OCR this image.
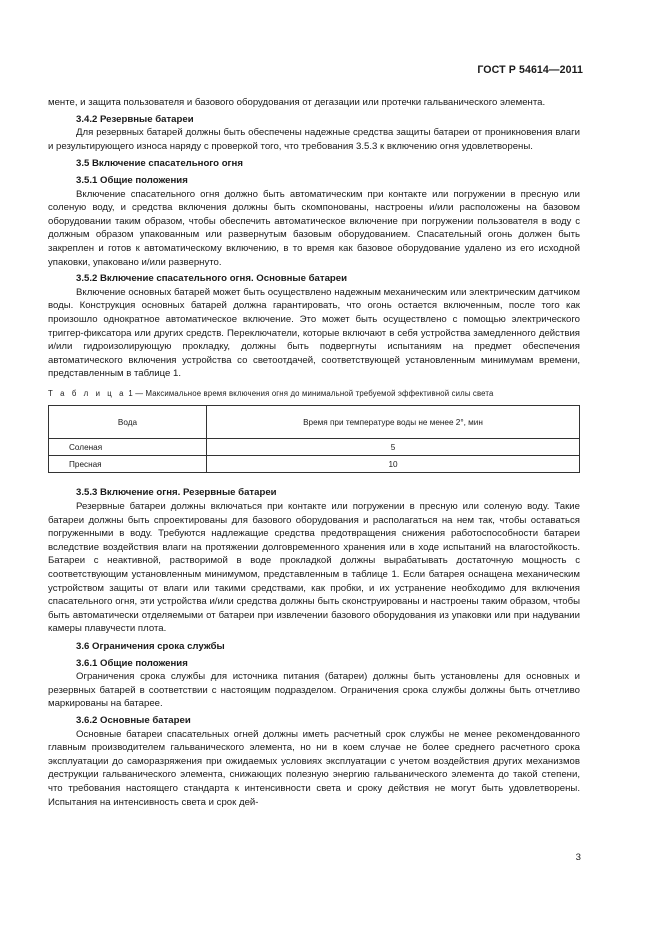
ГОСТ Р 54614—2011

менте, и защита пользователя и базового оборудования от дегазации или протечки гальванического элемента.

3.4.2 Резервные батареи

Для резервных батарей должны быть обеспечены надежные средства защиты батареи от проникновения влаги и результирующего износа наряду с проверкой того, что требования 3.5.3 к включению огня удовлетворены.

3.5 Включение спасательного огня

3.5.1 Общие положения

Включение спасательного огня должно быть автоматическим при контакте или погружении в пресную или соленую воду, и средства включения должны быть скомпонованы, настроены и/или расположены на базовом оборудовании таким образом, чтобы обеспечить автоматическое включение при погружении пользователя в воду с должным образом упакованным или развернутым базовым оборудованием. Спасательный огонь должен быть закреплен и готов к автоматическому включению, в то время как базовое оборудование удалено из его исходной упаковки, упаковано и/или развернуто.

3.5.2 Включение спасательного огня. Основные батареи

Включение основных батарей может быть осуществлено надежным механическим или электрическим датчиком воды. Конструкция основных батарей должна гарантировать, что огонь остается включенным, после того как произошло однократное автоматическое включение. Это может быть осуществлено с помощью электрического триггер-фиксатора или других средств. Переключатели, которые включают в себя устройства замедленного действия и/или гидроизолирующую прокладку, должны быть подвергнуты испытаниям на предмет обеспечения автоматического включения устройства со светоотдачей, соответствующей установленным минимумам времени, представленным в таблице 1.

Т а б л и ц а 1 — Максимальное время включения огня до минимальной требуемой эффективной силы света

Вода	Время при температуре воды не менее 2°, мин
Соленая	5
Пресная	10

3.5.3 Включение огня. Резервные батареи

Резервные батареи должны включаться при контакте или погружении в пресную или соленую воду. Такие батареи должны быть спроектированы для базового оборудования и располагаться на нем так, чтобы оставаться погруженными в воду. Требуются надлежащие средства предотвращения снижения работоспособности батареи вследствие воздействия влаги на протяжении долговременного хранения или в ходе испытаний на влагостойкость. Батареи с неактивной, растворимой в воде прокладкой должны вырабатывать достаточную мощность с соответствующим установленным минимумом, представленным в таблице 1. Если батарея оснащена механическим устройством защиты от влаги или такими средствами, как пробки, и их устранение необходимо для включения спасательного огня, эти устройства и/или средства должны быть сконструированы и настроены таким образом, чтобы быть автоматически отделяемыми от батареи при извлечении базового оборудования из упаковки или при надувании камеры плавучести плота.

3.6 Ограничения срока службы

3.6.1 Общие положения

Ограничения срока службы для источника питания (батареи) должны быть установлены для основных и резервных батарей в соответствии с настоящим подразделом. Ограничения срока службы должны быть отчетливо маркированы на батарее.

3.6.2 Основные батареи

Основные батареи спасательных огней должны иметь расчетный срок службы не менее рекомендованного главным производителем гальванического элемента, но ни в коем случае не более среднего расчетного срока эксплуатации до саморазряжения при ожидаемых условиях эксплуатации с учетом воздействия других механизмов деструкции гальванического элемента, снижающих полезную энергию гальванического элемента до такой степени, что требования настоящего стандарта к интенсивности света и сроку действия не могут быть удовлетворены. Испытания на интенсивность света и срок дей-

3
